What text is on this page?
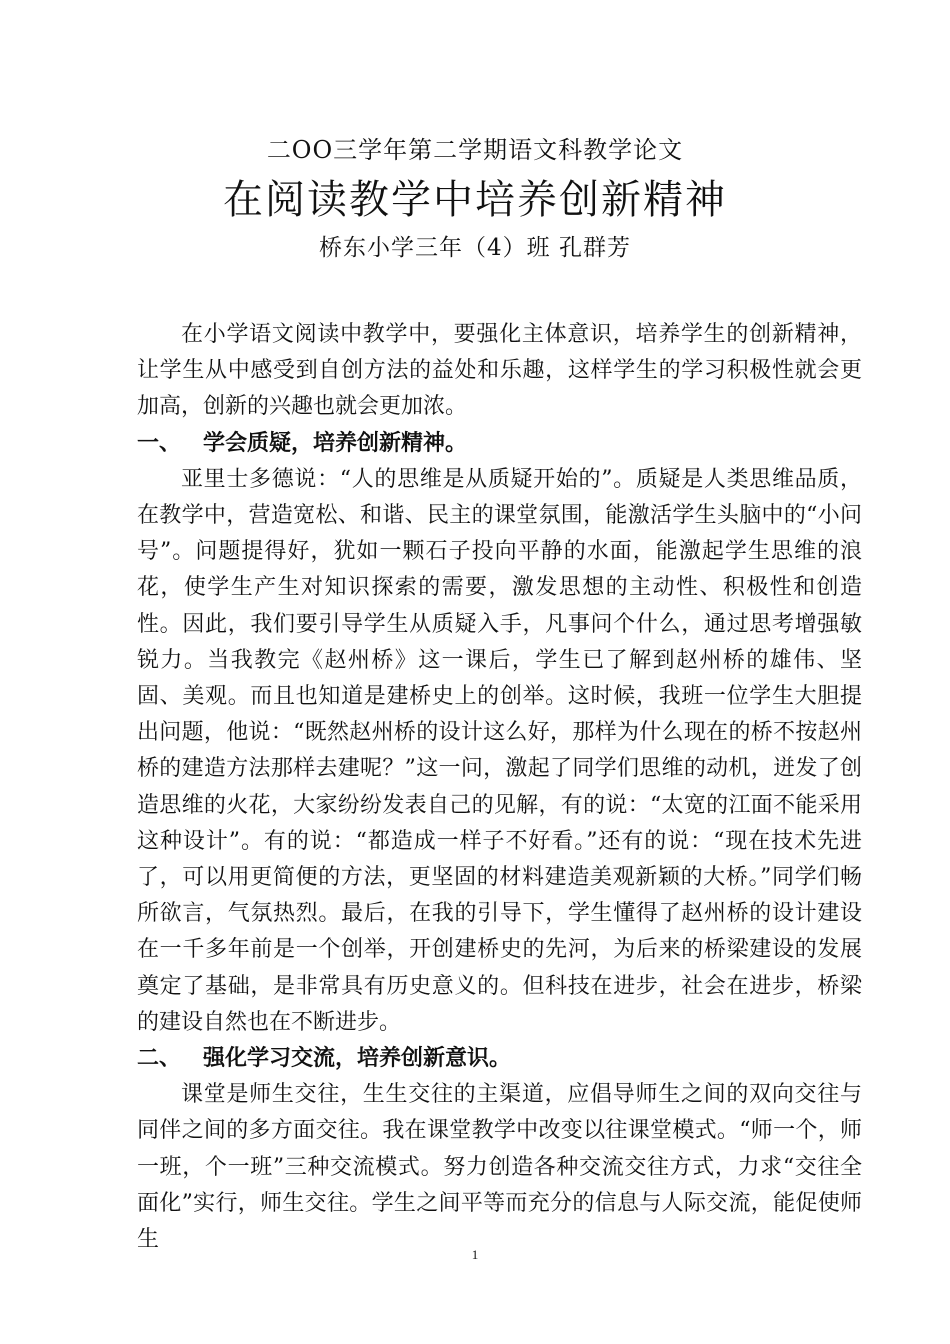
二OO三学年第二学期语文科教学论文
在阅读教学中培养创新精神
桥东小学三年（4）班 孔群芳

在小学语文阅读中教学中，要强化主体意识，培养学生的创新精神，让学生从中感受到自创方法的益处和乐趣，这样学生的学习积极性就会更加高，创新的兴趣也就会更加浓。

一、 学会质疑，培养创新精神。

亚里士多德说：“人的思维是从质疑开始的”。质疑是人类思维品质，在教学中，营造宽松、和谐、民主的课堂氛围，能激活学生头脑中的“小问号”。问题提得好，犹如一颗石子投向平静的水面，能激起学生思维的浪花，使学生产生对知识探索的需要，激发思想的主动性、积极性和创造性。因此，我们要引导学生从质疑入手，凡事问个什么，通过思考增强敏锐力。当我教完《赵州桥》这一课后，学生已了解到赵州桥的雄伟、坚固、美观。而且也知道是建桥史上的创举。这时候，我班一位学生大胆提出问题，他说：“既然赵州桥的设计这么好，那样为什么现在的桥不按赵州桥的建造方法那样去建呢？”这一问，激起了同学们思维的动机，迸发了创造思维的火花，大家纷纷发表自己的见解，有的说：“太宽的江面不能采用这种设计”。有的说：“都造成一样子不好看。”还有的说：“现在技术先进了，可以用更简便的方法，更坚固的材料建造美观新颖的大桥。”同学们畅所欲言，气氛热烈。最后，在我的引导下，学生懂得了赵州桥的设计建设在一千多年前是一个创举，开创建桥史的先河，为后来的桥梁建设的发展奠定了基础，是非常具有历史意义的。但科技在进步，社会在进步，桥梁的建设自然也在不断进步。

二、 强化学习交流，培养创新意识。

课堂是师生交往，生生交往的主渠道，应倡导师生之间的双向交往与同伴之间的多方面交往。我在课堂教学中改变以往课堂模式。“师一个，师一班，个一班”三种交流模式。努力创造各种交流交往方式，力求“交往全面化”实行，师生交往。学生之间平等而充分的信息与人际交流，能促使师生

1
